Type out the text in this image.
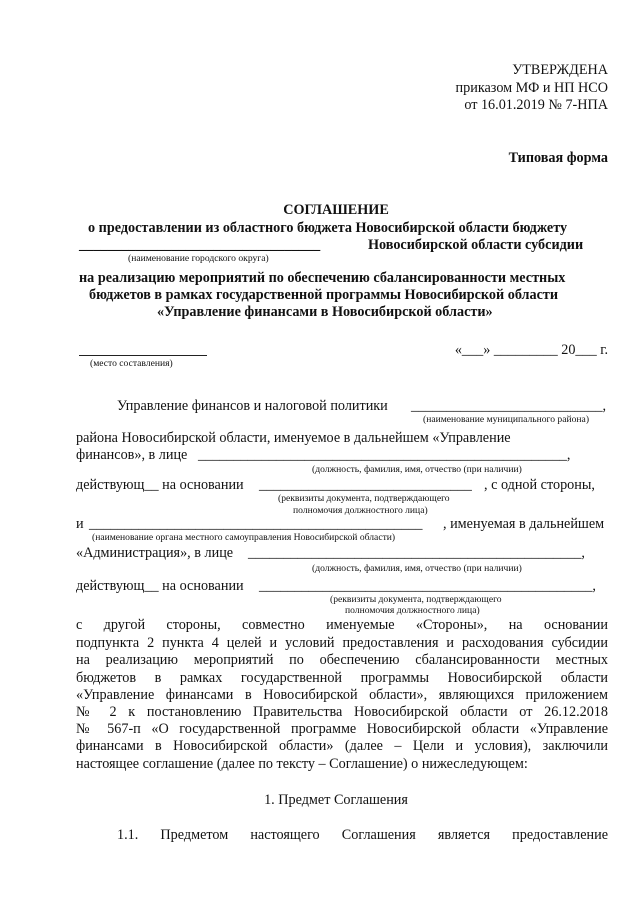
УТВЕРЖДЕНА
приказом МФ и НП НСО
от 16.01.2019 № 7-НПА
Типовая форма
СОГЛАШЕНИЕ
о предоставлении из областного бюджета Новосибирской области бюджету
__________________________________	Новосибирской области субсидии
(наименование городского округа)
на реализацию мероприятий по обеспечению сбалансированности местных
бюджетов в рамках государственной программы Новосибирской области
«Управление финансами в Новосибирской области»
(место составления)
«___» _________ 20___ г.
Управление финансов и налоговой политики ___________________________,
(наименование муниципального района)
района Новосибирской области, именуемое в дальнейшем «Управление
финансов», в лице ____________________________________________________,
(должность, фамилия, имя, отчество (при наличии)
действующ__ на основании ______________________________ , с одной стороны,
(реквизиты документа, подтверждающего
полномочия должностного лица)
и _______________________________________________ , именуемая в дальнейшем
(наименование органа местного самоуправления Новосибирской области)
«Администрация», в лице _______________________________________________,
(должность, фамилия, имя, отчество (при наличии)
действующ__ на основании _______________________________________________,
(реквизиты документа, подтверждающего
полномочия должностного лица)
с другой стороны, совместно именуемые «Стороны», на основании
подпункта 2 пункта 4 целей и условий предоставления и расходования субсидии
на реализацию мероприятий по обеспечению сбалансированности местных
бюджетов в рамках государственной программы Новосибирской области
«Управление финансами в Новосибирской области», являющихся приложением
№ 2 к постановлению Правительства Новосибирской области от 26.12.2018
№ 567-п «О государственной программе Новосибирской области «Управление
финансами в Новосибирской области» (далее – Цели и условия), заключили
настоящее соглашение (далее по тексту – Соглашение) о нижеследующем:
1. Предмет Соглашения
1.1. Предметом настоящего Соглашения является предоставление
